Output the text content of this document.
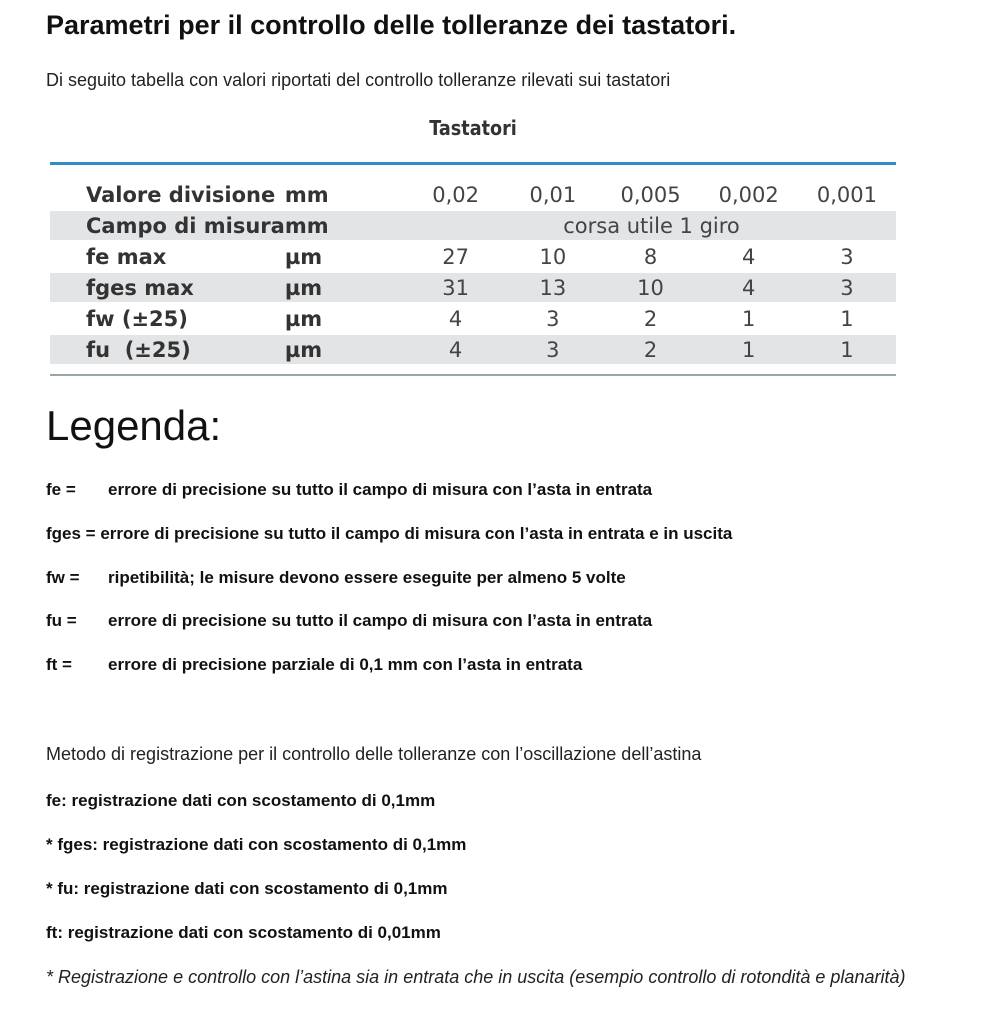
Parametri per il controllo delle tolleranze dei tastatori.
Di seguito tabella con valori riportati del controllo tolleranze rilevati sui tastatori
Tastatori
Valore divisione	mm	0,02	0,01	0,005	0,002	0,001
Campo di misura	mm	corsa utile 1 giro				
fe max	µm	27	10	8	4	3
fges max	µm	31	13	10	4	3
fw (±25)	µm	4	3	2	1	1
fu  (±25)	µm	4	3	2	1	1
Legenda:
fe = errore di precisione su tutto il campo di misura con l’asta in entrata
fges = errore di precisione su tutto il campo di misura con l’asta in entrata e in uscita
fw = ripetibilità; le misure devono essere eseguite per almeno 5 volte
fu = errore di precisione su tutto il campo di misura con l’asta in entrata
ft = errore di precisione parziale di 0,1 mm con l’asta in entrata
Metodo di registrazione per il controllo delle tolleranze con l’oscillazione dell’astina
fe: registrazione dati con scostamento di 0,1mm
* fges: registrazione dati con scostamento di 0,1mm
* fu: registrazione dati con scostamento di 0,1mm
ft: registrazione dati con scostamento di 0,01mm
* Registrazione e controllo con l’astina sia in entrata che in uscita (esempio controllo di rotondità e planarità)
